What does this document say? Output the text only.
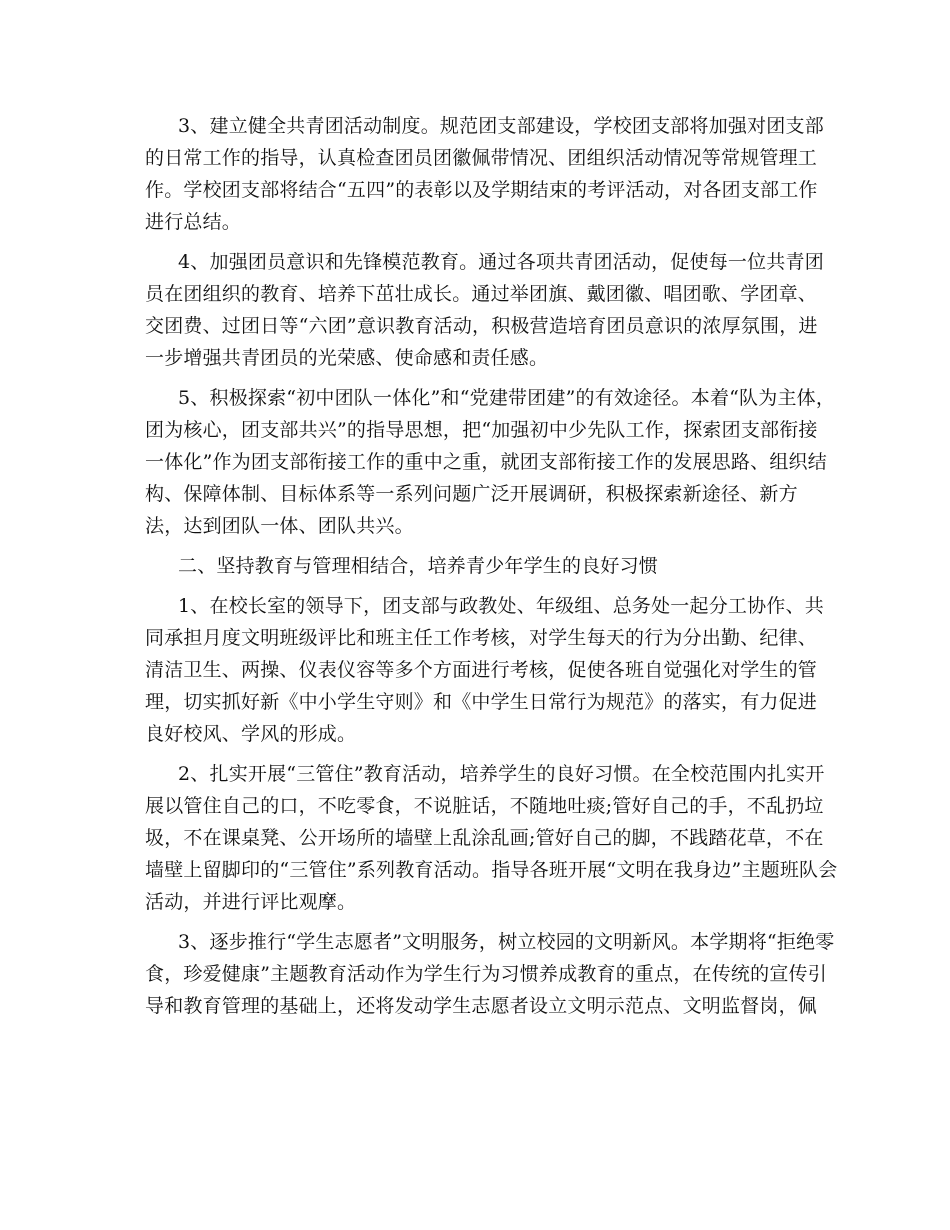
3、建立健全共青团活动制度。规范团支部建设，学校团支部将加强对团支部
的日常工作的指导，认真检查团员团徽佩带情况、团组织活动情况等常规管理工
作。学校团支部将结合“五四”的表彰以及学期结束的考评活动，对各团支部工作
进行总结。
4、加强团员意识和先锋模范教育。通过各项共青团活动，促使每一位共青团
员在团组织的教育、培养下茁壮成长。通过举团旗、戴团徽、唱团歌、学团章、
交团费、过团日等“六团”意识教育活动，积极营造培育团员意识的浓厚氛围，进
一步增强共青团员的光荣感、使命感和责任感。
5、积极探索“初中团队一体化”和“党建带团建”的有效途径。本着“队为主体，
团为核心，团支部共兴”的指导思想，把“加强初中少先队工作，探索团支部衔接
一体化”作为团支部衔接工作的重中之重，就团支部衔接工作的发展思路、组织结
构、保障体制、目标体系等一系列问题广泛开展调研，积极探索新途径、新方
法，达到团队一体、团队共兴。
二、坚持教育与管理相结合，培养青少年学生的良好习惯
1、在校长室的领导下，团支部与政教处、年级组、总务处一起分工协作、共
同承担月度文明班级评比和班主任工作考核，对学生每天的行为分出勤、纪律、
清洁卫生、两操、仪表仪容等多个方面进行考核，促使各班自觉强化对学生的管
理，切实抓好新《中小学生守则》和《中学生日常行为规范》的落实，有力促进
良好校风、学风的形成。
2、扎实开展“三管住”教育活动，培养学生的良好习惯。在全校范围内扎实开
展以管住自己的口，不吃零食，不说脏话，不随地吐痰;管好自己的手，不乱扔垃
圾，不在课桌凳、公开场所的墙壁上乱涂乱画;管好自己的脚，不践踏花草，不在
墙壁上留脚印的“三管住”系列教育活动。指导各班开展“文明在我身边”主题班队会
活动，并进行评比观摩。
3、逐步推行“学生志愿者”文明服务，树立校园的文明新风。本学期将“拒绝零
食，珍爱健康”主题教育活动作为学生行为习惯养成教育的重点，在传统的宣传引
导和教育管理的基础上，还将发动学生志愿者设立文明示范点、文明监督岗，佩
